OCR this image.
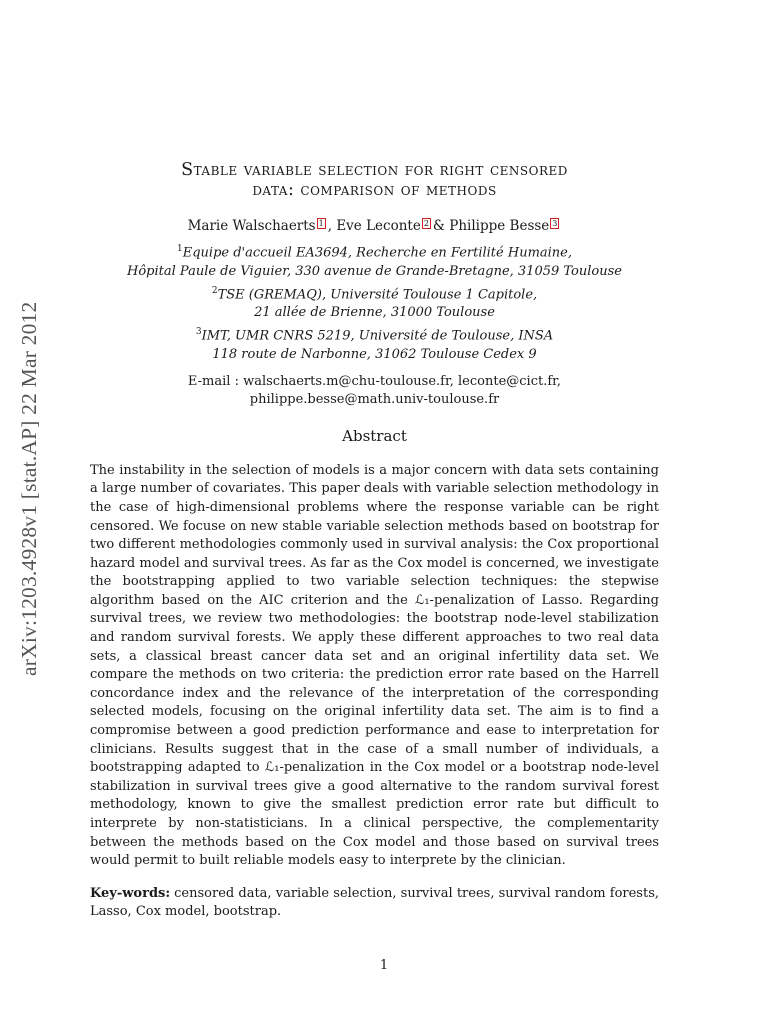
arXiv:1203.4928v1 [stat.AP] 22 Mar 2012
Stable variable selection for right censored
data: comparison of methods
Marie Walschaerts 1 , Eve Leconte 2 & Philippe Besse 3
$^1$Equipe d'accueil EA3694, Recherche en Fertilité Humaine,
Hôpital Paule de Viguier, 330 avenue de Grande-Bretagne, 31059 Toulouse
$^2$TSE (GREMAQ), Université Toulouse 1 Capitole,
21 allée de Brienne, 31000 Toulouse
$^3$IMT, UMR CNRS 5219, Université de Toulouse, INSA
118 route de Narbonne, 31062 Toulouse Cedex 9
E-mail : walschaerts.m@chu-toulouse.fr, leconte@cict.fr,
philippe.besse@math.univ-toulouse.fr
Abstract
The instability in the selection of models is a major concern with data sets containing a large number of covariates. This paper deals with variable selection methodology in the case of high-dimensional problems where the response variable can be right censored. We focuse on new stable variable selection methods based on bootstrap for two different methodologies commonly used in survival analysis: the Cox proportional hazard model and survival trees. As far as the Cox model is concerned, we investigate the bootstrapping applied to two variable selection techniques: the stepwise algorithm based on the AIC criterion and the ℒ₁-penalization of Lasso. Regarding survival trees, we review two methodologies: the bootstrap node-level stabilization and random survival forests. We apply these different approaches to two real data sets, a classical breast cancer data set and an original infertility data set. We compare the methods on two criteria: the prediction error rate based on the Harrell concordance index and the relevance of the interpretation of the corresponding selected models, focusing on the original infertility data set. The aim is to find a compromise between a good prediction performance and ease to interpretation for clinicians. Results suggest that in the case of a small number of individuals, a bootstrapping adapted to ℒ₁-penalization in the Cox model or a bootstrap node-level stabilization in survival trees give a good alternative to the random survival forest methodology, known to give the smallest prediction error rate but difficult to interprete by non-statisticians. In a clinical perspective, the complementarity between the methods based on the Cox model and those based on survival trees would permit to built reliable models easy to interprete by the clinician.
Key-words: censored data, variable selection, survival trees, survival random forests, Lasso, Cox model, bootstrap.
1
